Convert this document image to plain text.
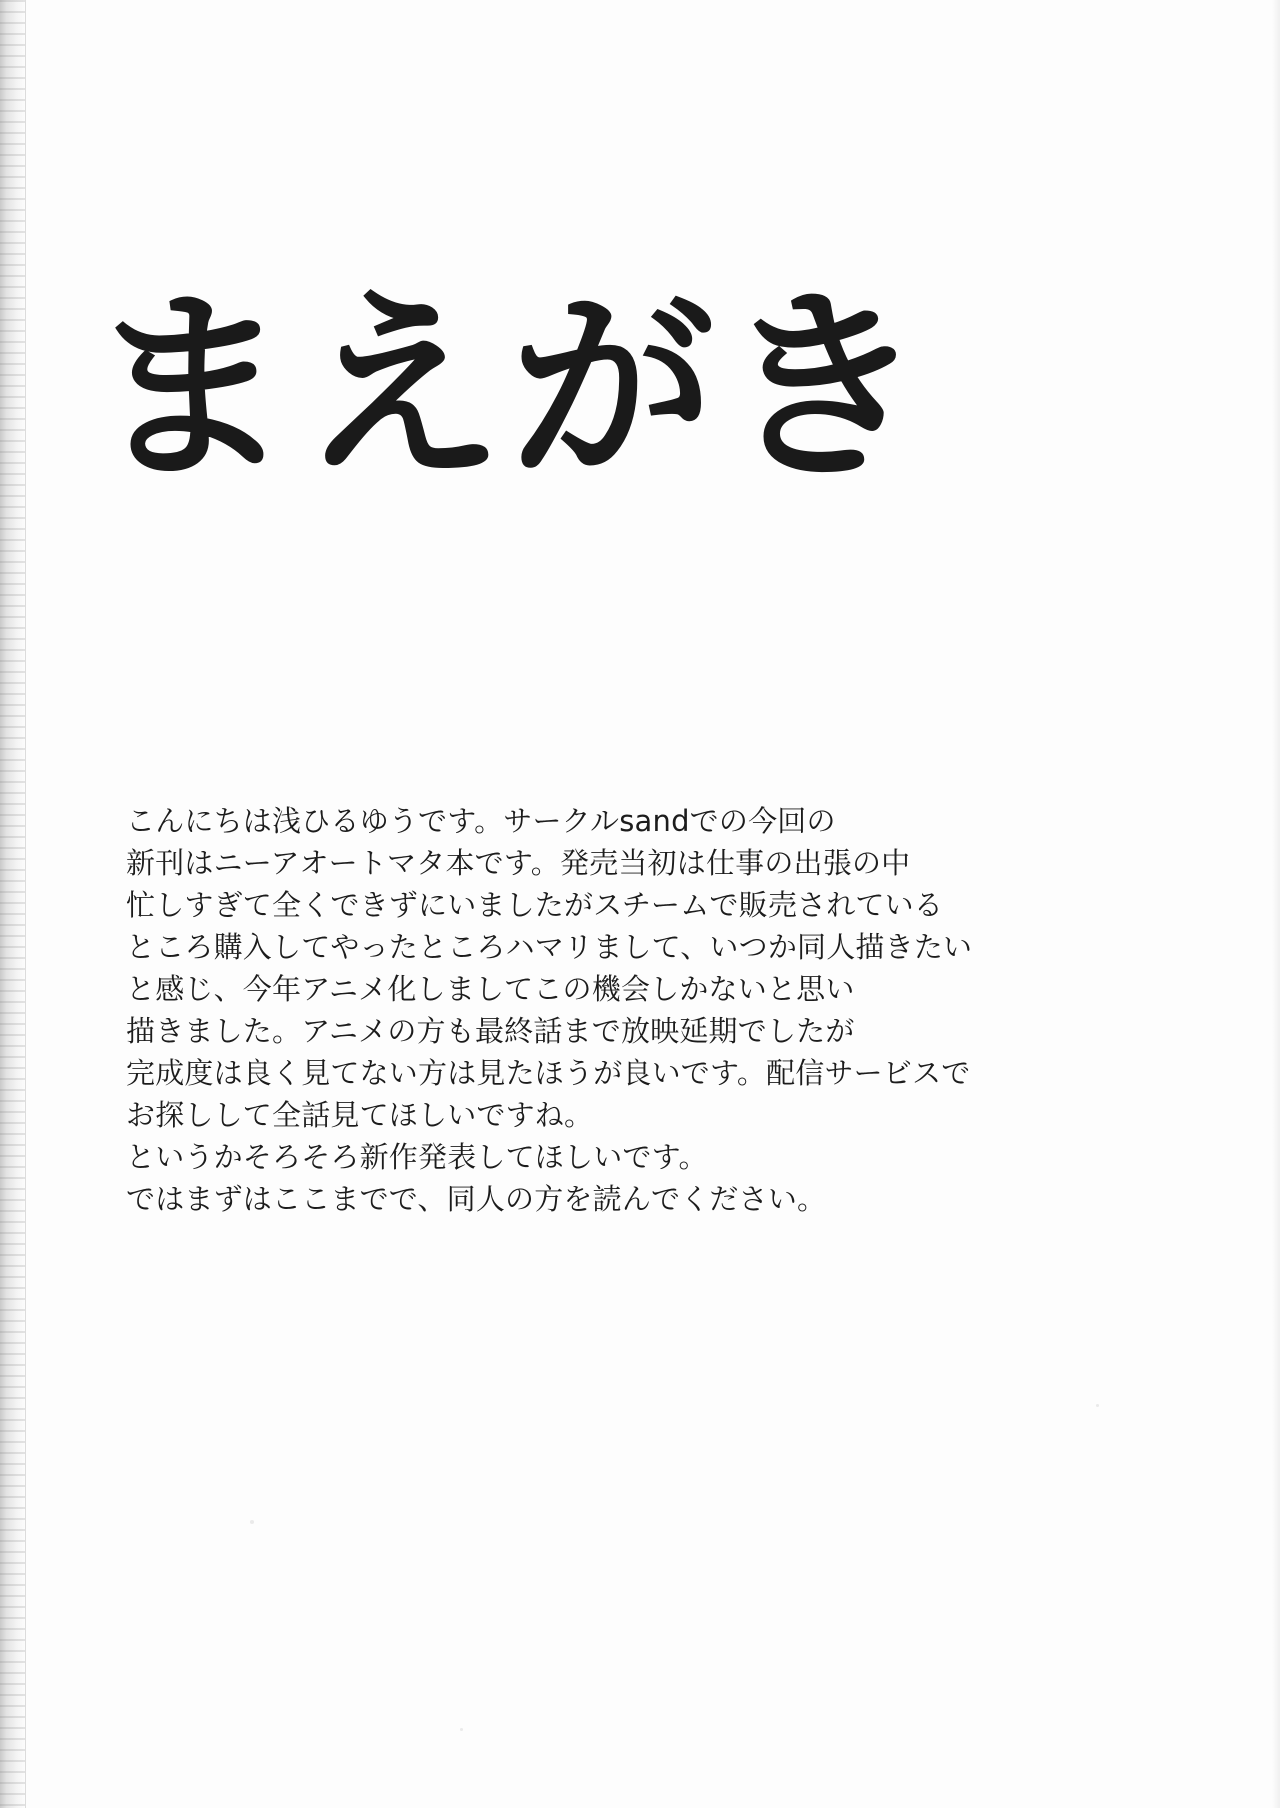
まえがき

こんにちは浅ひるゆうです。サークルsandでの今回の

新刊はニーアオートマタ本です。発売当初は仕事の出張の中

忙しすぎて全くできずにいましたがスチームで販売されている

ところ購入してやったところハマリまして、いつか同人描きたい

と感じ、今年アニメ化しましてこの機会しかないと思い

描きました。アニメの方も最終話まで放映延期でしたが

完成度は良く見てない方は見たほうが良いです。配信サービスで

お探しして全話見てほしいですね。

というかそろそろ新作発表してほしいです。

ではまずはここまでで、同人の方を読んでください。
